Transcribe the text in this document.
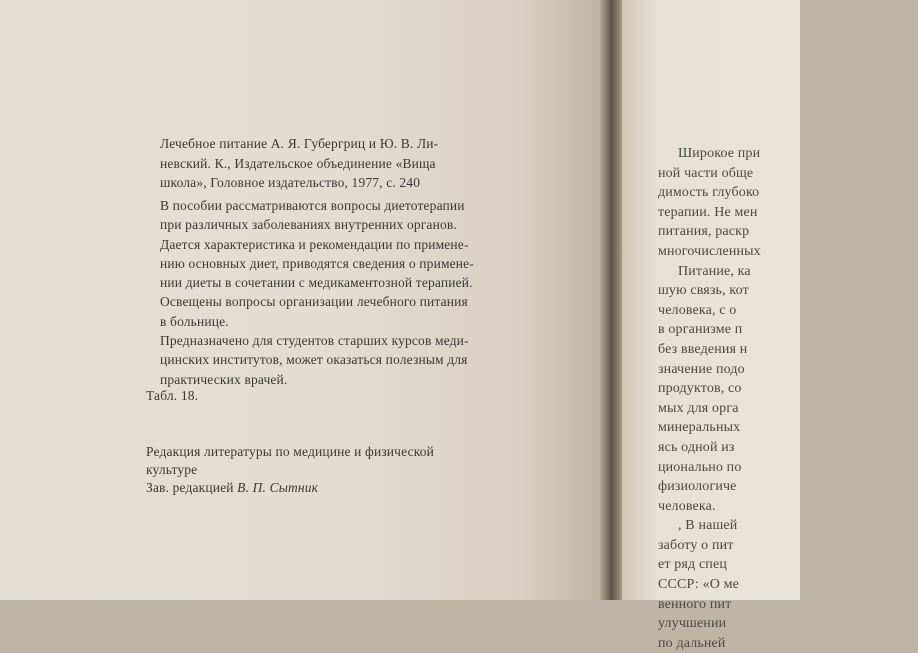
Лечебное питание А. Я. Губергриц и Ю. В. Ли-
невский. К., Издательское объединение «Вища
школа», Головное издательство, 1977, с. 240
В пособии рассматриваются вопросы диетотерапии
при различных заболеваниях внутренних органов.
Дается характеристика и рекомендации по примене-
нию основных диет, приводятся сведения о примене-
нии диеты в сочетании с медикаментозной терапией.
Освещены вопросы организации лечебного питания
в больнице.
Предназначено для студентов старших курсов меди-
цинских институтов, может оказаться полезным для
практических врачей.
Табл. 18.
Редакция литературы по медицине и физической
культуре
Зав. редакцией В. П. Сытник
Широкое при
ной части обще
димость глубоко
терапии. Не мен
питания, раскр
многочисленных
Питание, ка
шую связь, кот
человека, с о
в организме п
без введения н
значение подо
продуктов, со
мых для орга
минеральных
ясь одной из
ционально по
физиологиче
человека.
, В нашей
заботу о пит
ет ряд спец
СССР: «О ме
венного пит
улучшении
по дальней
